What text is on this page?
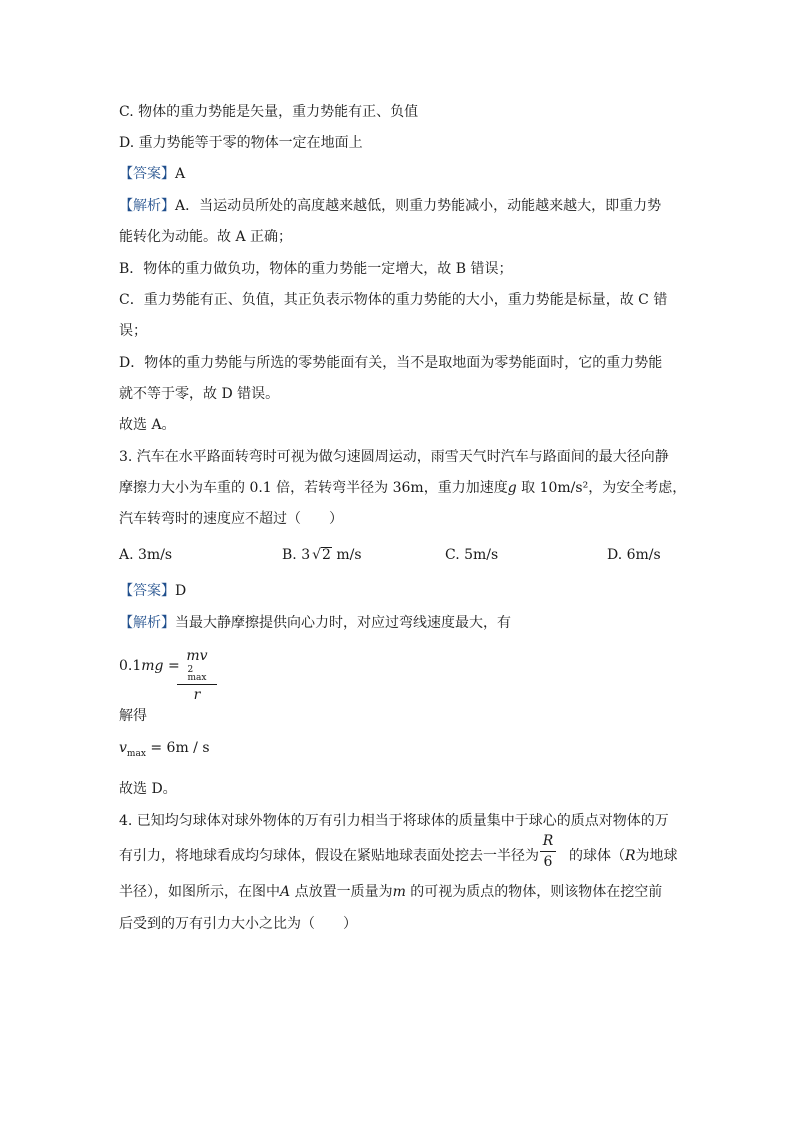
C. 物体的重力势能是矢量，重力势能有正、负值
D. 重力势能等于零的物体一定在地面上
【答案】A
【解析】A．当运动员所处的高度越来越低，则重力势能减小，动能越来越大，即重力势
能转化为动能。故 A 正确；
B．物体的重力做负功，物体的重力势能一定增大，故 B 错误；
C．重力势能有正、负值，其正负表示物体的重力势能的大小，重力势能是标量，故 C 错
误；
D．物体的重力势能与所选的零势能面有关，当不是取地面为零势能面时，它的重力势能
就不等于零，故 D 错误。
故选 A。
3. 汽车在水平路面转弯时可视为做匀速圆周运动，雨雪天气时汽车与路面间的最大径向静
摩擦力大小为车重的 0.1 倍，若转弯半径为 36m，重力加速度g 取 10m/s²，为安全考虑，
汽车转弯时的速度应不超过（　　）
A. 3m/s	B. 3 √2 m/s	C. 5m/s	D. 6m/s
【答案】D
【解析】当最大静摩擦提供向心力时，对应过弯线速度最大，有
0.1mg =
mv
2
max
r
解得
$v_{max} = 6m / s$
故选 D。
4. 已知均匀球体对球外物体的万有引力相当于将球体的质量集中于球心的质点对物体的万
有引力，将地球看成均匀球体，假设在紧贴地球表面处挖去一半径为 的球体（R为地球
R
6
半径），如图所示，在图中A 点放置一质量为m 的可视为质点的物体，则该物体在挖空前
后受到的万有引力大小之比为（　　）
